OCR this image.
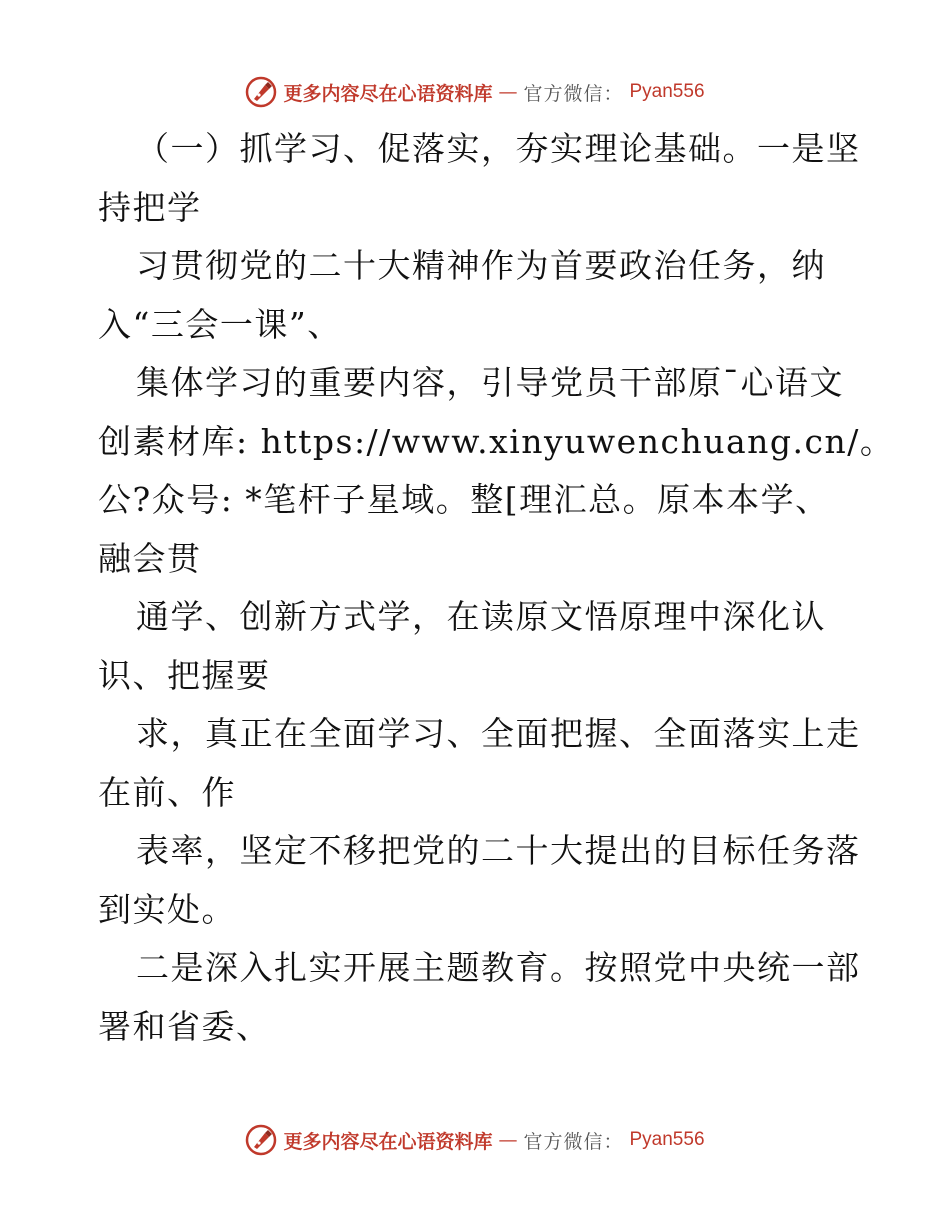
更多内容尽在心语资料库 — 官方微信： Pyan556
（一）抓学习、促落实，夯实理论基础。一是坚
持把学
习贯彻党的二十大精神作为首要政治任务，纳
入“三会一课”、
集体学习的重要内容，引导党员干部原¯心语文
创素材库: https://www.xinyuwenchuang.cn/。
公?众号: *笔杆子星域。整[理汇总。原本本学、
融会贯
通学、创新方式学，在读原文悟原理中深化认
识、把握要
求，真正在全面学习、全面把握、全面落实上走
在前、作
表率，坚定不移把党的二十大提出的目标任务落
到实处。
二是深入扎实开展主题教育。按照党中央统一部
署和省委、
更多内容尽在心语资料库 — 官方微信： Pyan556
